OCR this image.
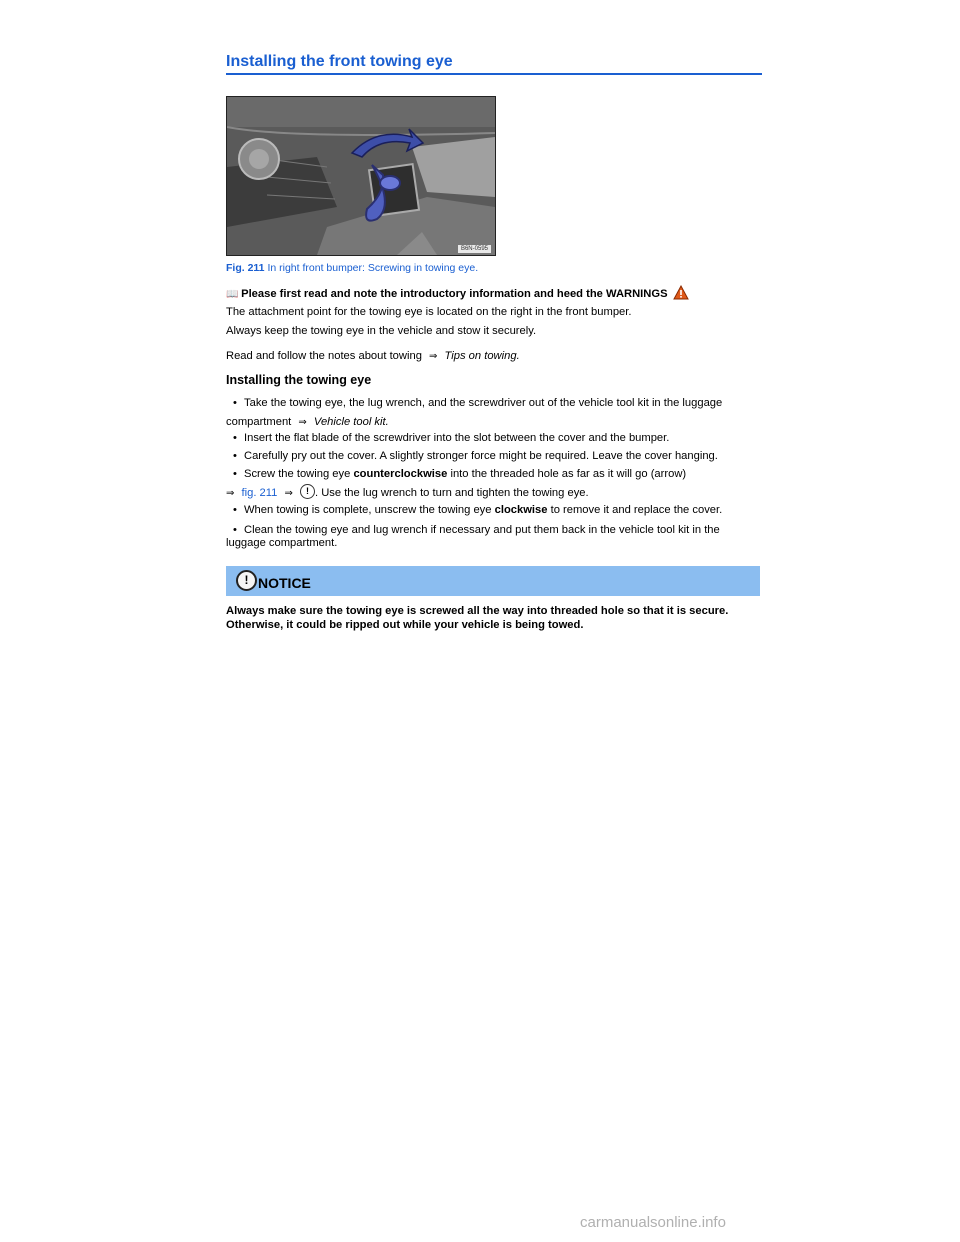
Installing the front towing eye
B6N-0595
Fig. 211 In right front bumper: Screwing in towing eye.
📖 Please first read and note the introductory information and heed the WARNINGS
The attachment point for the towing eye is located on the right in the front bumper.
Always keep the towing eye in the vehicle and stow it securely.
Read and follow the notes about towing ⇒ Tips on towing.
Installing the towing eye
• Take the towing eye, the lug wrench, and the screwdriver out of the vehicle tool kit in the luggage
compartment ⇒ Vehicle tool kit.
• Insert the flat blade of the screwdriver into the slot between the cover and the bumper.
• Carefully pry out the cover. A slightly stronger force might be required. Leave the cover hanging.
• Screw the towing eye counterclockwise into the threaded hole as far as it will go (arrow)
⇒ fig. 211 ⇒ ! . Use the lug wrench to turn and tighten the towing eye.
• When towing is complete, unscrew the towing eye clockwise to remove it and replace the cover.
• Clean the towing eye and lug wrench if necessary and put them back in the vehicle tool kit in the
luggage compartment.
! NOTICE
Always make sure the towing eye is screwed all the way into threaded hole so that it is secure. Otherwise, it could be ripped out while your vehicle is being towed.
carmanualsonline.info
